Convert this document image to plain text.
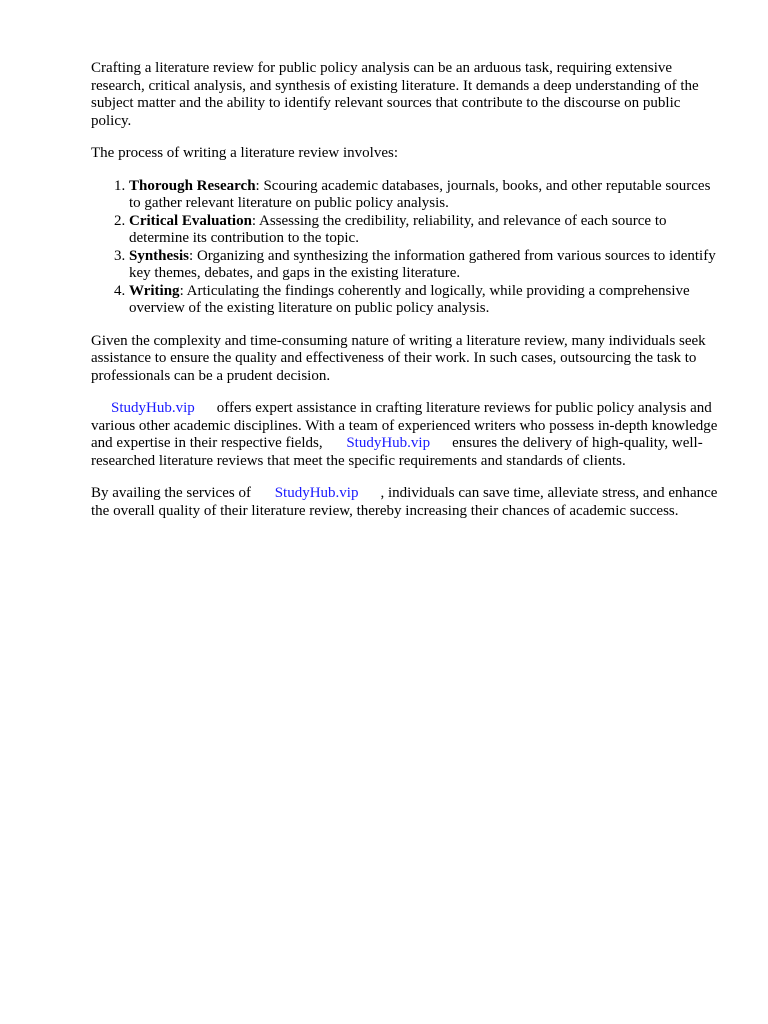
Crafting a literature review for public policy analysis can be an arduous task, requiring extensive research, critical analysis, and synthesis of existing literature. It demands a deep understanding of the subject matter and the ability to identify relevant sources that contribute to the discourse on public policy.

The process of writing a literature review involves:

1. Thorough Research: Scouring academic databases, journals, books, and other reputable sources to gather relevant literature on public policy analysis.
2. Critical Evaluation: Assessing the credibility, reliability, and relevance of each source to determine its contribution to the topic.
3. Synthesis: Organizing and synthesizing the information gathered from various sources to identify key themes, debates, and gaps in the existing literature.
4. Writing: Articulating the findings coherently and logically, while providing a comprehensive overview of the existing literature on public policy analysis.

Given the complexity and time-consuming nature of writing a literature review, many individuals seek assistance to ensure the quality and effectiveness of their work. In such cases, outsourcing the task to professionals can be a prudent decision.

StudyHub.vip offers expert assistance in crafting literature reviews for public policy analysis and various other academic disciplines. With a team of experienced writers who possess in-depth knowledge and expertise in their respective fields, StudyHub.vip ensures the delivery of high-quality, well-researched literature reviews that meet the specific requirements and standards of clients.

By availing the services of StudyHub.vip , individuals can save time, alleviate stress, and enhance the overall quality of their literature review, thereby increasing their chances of academic success.
